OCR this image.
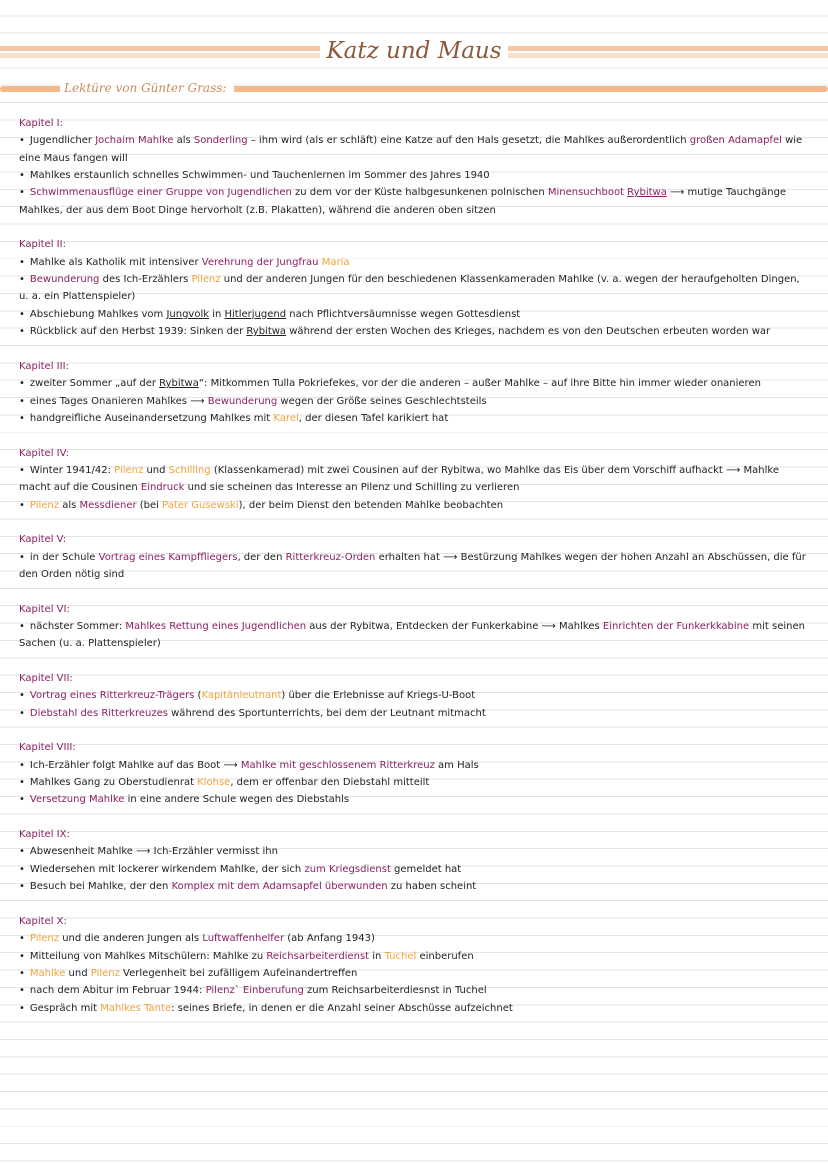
Katz und Maus
Lektüre von Günter Grass:
Kapitel I:
• Jugendlicher Jochaim Mahlke als Sonderling – ihm wird (als er schläft) eine Katze auf den Hals gesetzt, die Mahlkes außerordentlich großen Adamapfel wie eine Maus fangen will
• Mahlkes erstaunlich schnelles Schwimmen- und Tauchenlernen im Sommer des Jahres 1940
• Schwimmenausflüge einer Gruppe von Jugendlichen zu dem vor der Küste halbgesunkenen polnischen Minensuchboot Rybitwa ⟶ mutige Tauchgänge Mahlkes, der aus dem Boot Dinge hervorholt (z.B. Plakatten), während die anderen oben sitzen
Kapitel II:
• Mahlke als Katholik mit intensiver Verehrung der Jungfrau Maria
• Bewunderung des Ich-Erzählers Pilenz und der anderen Jungen für den beschiedenen Klassenkameraden Mahlke (v. a. wegen der heraufgeholten Dingen, u. a. ein Plattenspieler)
• Abschiebung Mahlkes vom Jungvolk in Hitlerjugend nach Pflichtversäumnisse wegen Gottesdienst
• Rückblick auf den Herbst 1939: Sinken der Rybitwa während der ersten Wochen des Krieges, nachdem es von den Deutschen erbeuten worden war
Kapitel III:
• zweiter Sommer „auf der Rybitwa“: Mitkommen Tulla Pokriefekes, vor der die anderen – außer Mahlke – auf ihre Bitte hin immer wieder onanieren
• eines Tages Onanieren Mahlkes ⟶ Bewunderung wegen der Größe seines Geschlechtsteils
• handgreifliche Auseinandersetzung Mahlkes mit Karel, der diesen Tafel karikiert hat
Kapitel IV:
• Winter 1941/42: Pilenz und Schilling (Klassenkamerad) mit zwei Cousinen auf der Rybitwa, wo Mahlke das Eis über dem Vorschiff aufhackt ⟶ Mahlke macht auf die Cousinen Eindruck und sie scheinen das Interesse an Pilenz und Schilling zu verlieren
• Pilenz als Messdiener (bei Pater Gusewski), der beim Dienst den betenden Mahlke beobachten
Kapitel V:
• in der Schule Vortrag eines Kampffliegers, der den Ritterkreuz-Orden erhalten hat ⟶ Bestürzung Mahlkes wegen der hohen Anzahl an Abschüssen, die für den Orden nötig sind
Kapitel VI:
• nächster Sommer: Mahlkes Rettung eines Jugendlichen aus der Rybitwa, Entdecken der Funkerkabine ⟶ Mahlkes Einrichten der Funkerkkabine mit seinen Sachen (u. a. Plattenspieler)
Kapitel VII:
• Vortrag eines Ritterkreuz-Trägers (Kapitänleutnant) über die Erlebnisse auf Kriegs-U-Boot
• Diebstahl des Ritterkreuzes während des Sportunterrichts, bei dem der Leutnant mitmacht
Kapitel VIII:
• Ich-Erzähler folgt Mahlke auf das Boot ⟶ Mahlke mit geschlossenem Ritterkreuz am Hals
• Mahlkes Gang zu Oberstudienrat Klohse, dem er offenbar den Diebstahl mitteilt
• Versetzung Mahlke in eine andere Schule wegen des Diebstahls
Kapitel IX:
• Abwesenheit Mahlke ⟶ Ich-Erzähler vermisst ihn
• Wiedersehen mit lockerer wirkendem Mahlke, der sich zum Kriegsdienst gemeldet hat
• Besuch bei Mahlke, der den Komplex mit dem Adamsapfel überwunden zu haben scheint
Kapitel X:
• Pilenz und die anderen Jungen als Luftwaffenhelfer (ab Anfang 1943)
• Mitteilung von Mahlkes Mitschülern: Mahlke zu Reichsarbeiterdienst in Tuchel einberufen
• Mahlke und Pilenz Verlegenheit bei zufälligem Aufeinandertreffen
• nach dem Abitur im Februar 1944: Pilenz` Einberufung zum Reichsarbeiterdiesnst in Tuchel
• Gespräch mit Mahlkes Tante: seines Briefe, in denen er die Anzahl seiner Abschüsse aufzeichnet
